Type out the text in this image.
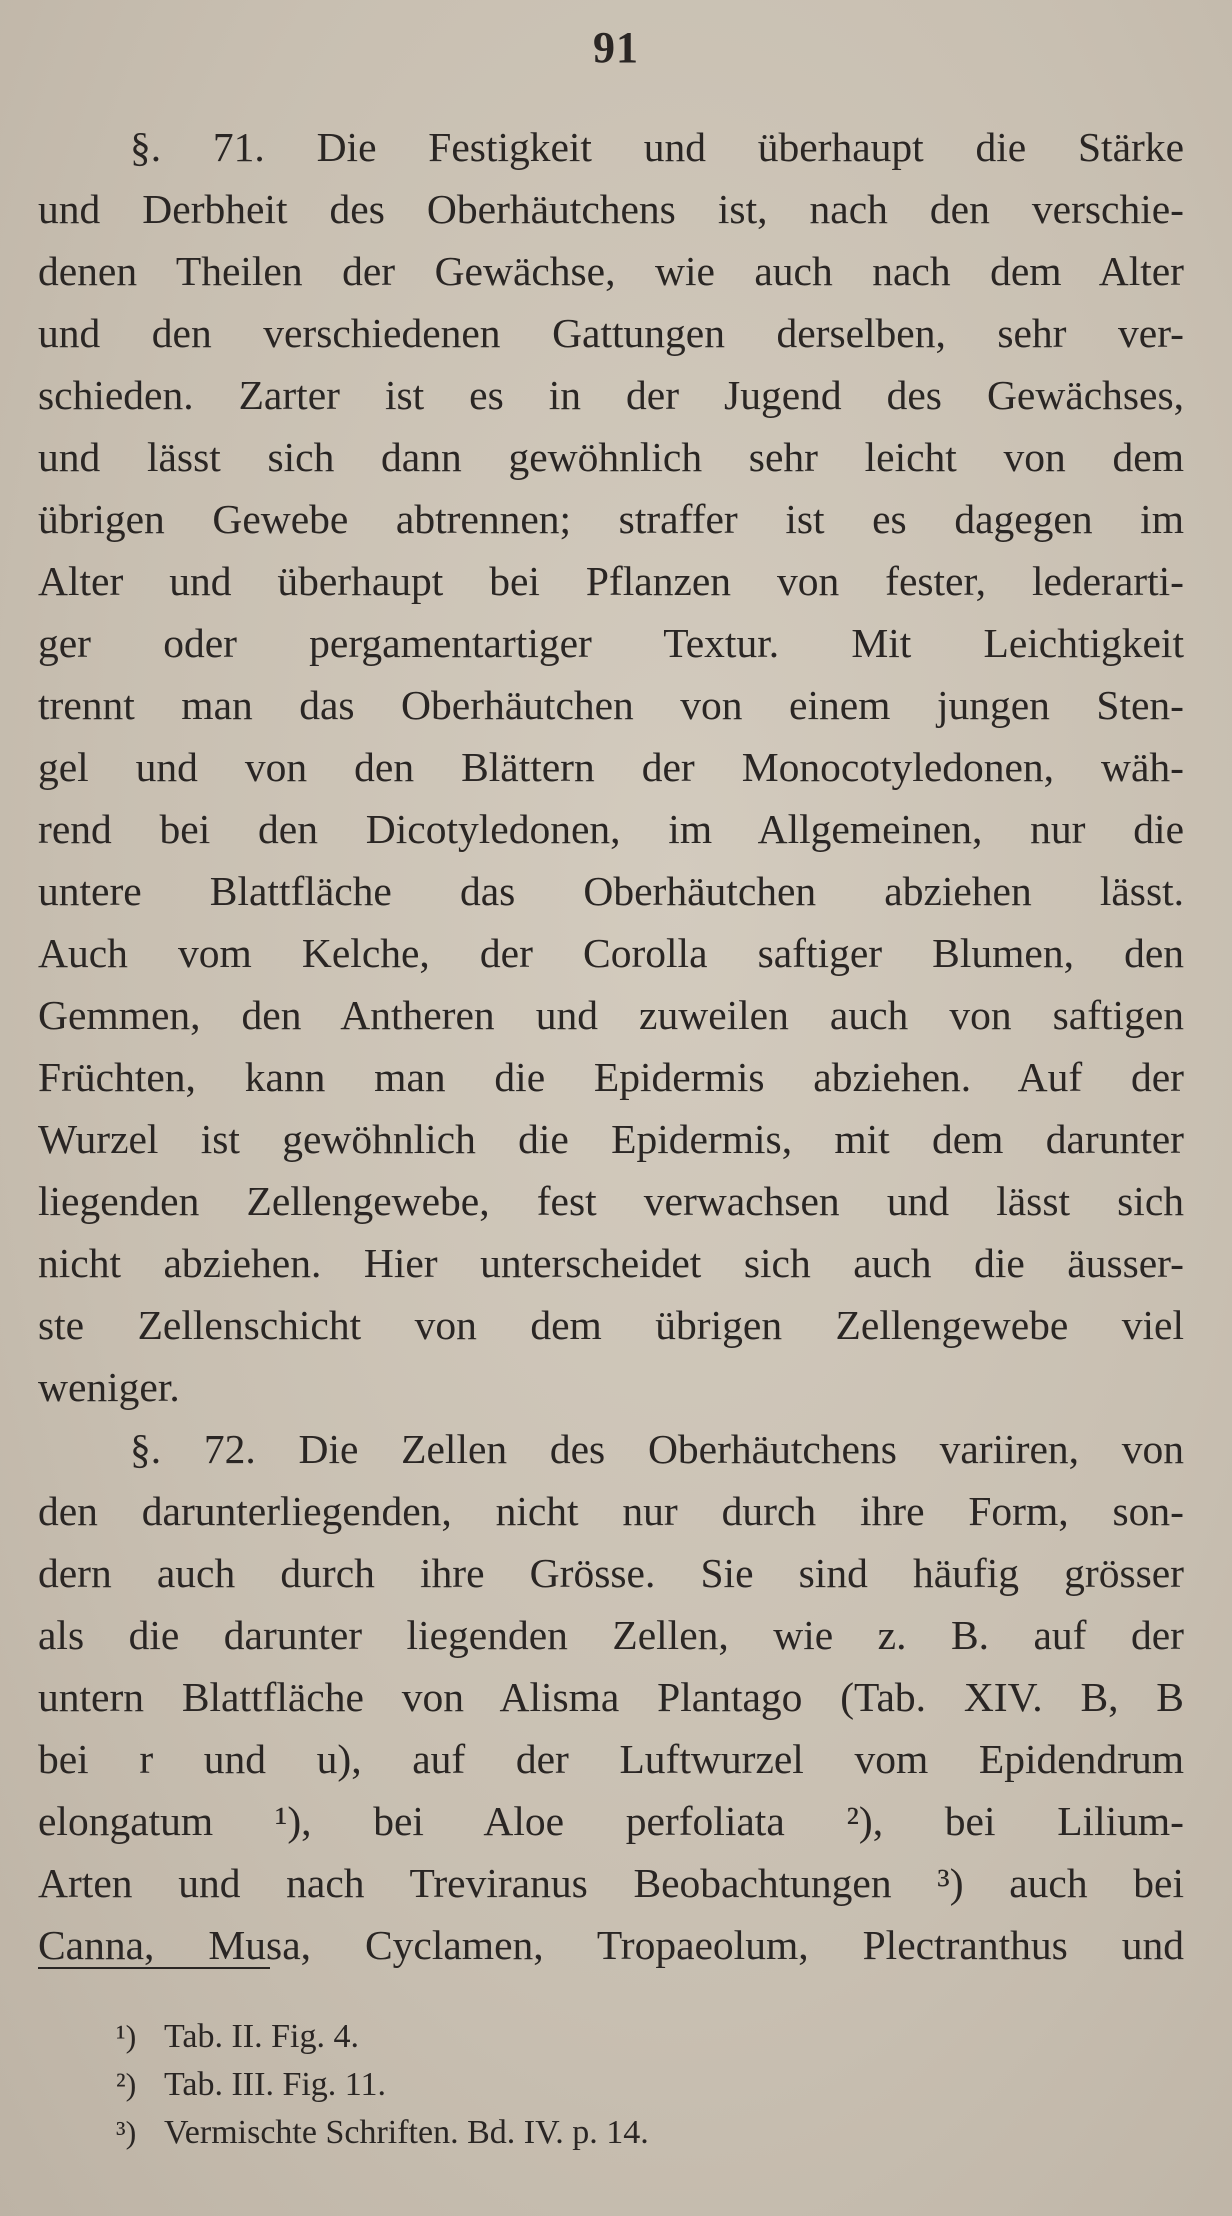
91
§. 71. Die Festigkeit und überhaupt die Stärke
und Derbheit des Oberhäutchens ist, nach den verschie-
denen Theilen der Gewächse, wie auch nach dem Alter
und den verschiedenen Gattungen derselben, sehr ver-
schieden. Zarter ist es in der Jugend des Gewächses,
und lässt sich dann gewöhnlich sehr leicht von dem
übrigen Gewebe abtrennen; straffer ist es dagegen im
Alter und überhaupt bei Pflanzen von fester, lederarti-
ger oder pergamentartiger Textur. Mit Leichtigkeit
trennt man das Oberhäutchen von einem jungen Sten-
gel und von den Blättern der Monocotyledonen, wäh-
rend bei den Dicotyledonen, im Allgemeinen, nur die
untere Blattfläche das Oberhäutchen abziehen lässt.
Auch vom Kelche, der Corolla saftiger Blumen, den
Gemmen, den Antheren und zuweilen auch von saftigen
Früchten, kann man die Epidermis abziehen. Auf der
Wurzel ist gewöhnlich die Epidermis, mit dem darunter
liegenden Zellengewebe, fest verwachsen und lässt sich
nicht abziehen. Hier unterscheidet sich auch die äusser-
ste Zellenschicht von dem übrigen Zellengewebe viel
weniger.
§. 72. Die Zellen des Oberhäutchens variiren, von
den darunterliegenden, nicht nur durch ihre Form, son-
dern auch durch ihre Grösse. Sie sind häufig grösser
als die darunter liegenden Zellen, wie z. B. auf der
untern Blattfläche von Alisma Plantago (Tab. XIV. B, B
bei r und u), auf der Luftwurzel vom Epidendrum
elongatum ¹), bei Aloe perfoliata ²), bei Lilium-
Arten und nach Treviranus Beobachtungen ³) auch bei
Canna, Musa, Cyclamen, Tropaeolum, Plectranthus und
¹) Tab. II. Fig. 4.
²) Tab. III. Fig. 11.
³) Vermischte Schriften. Bd. IV. p. 14.
